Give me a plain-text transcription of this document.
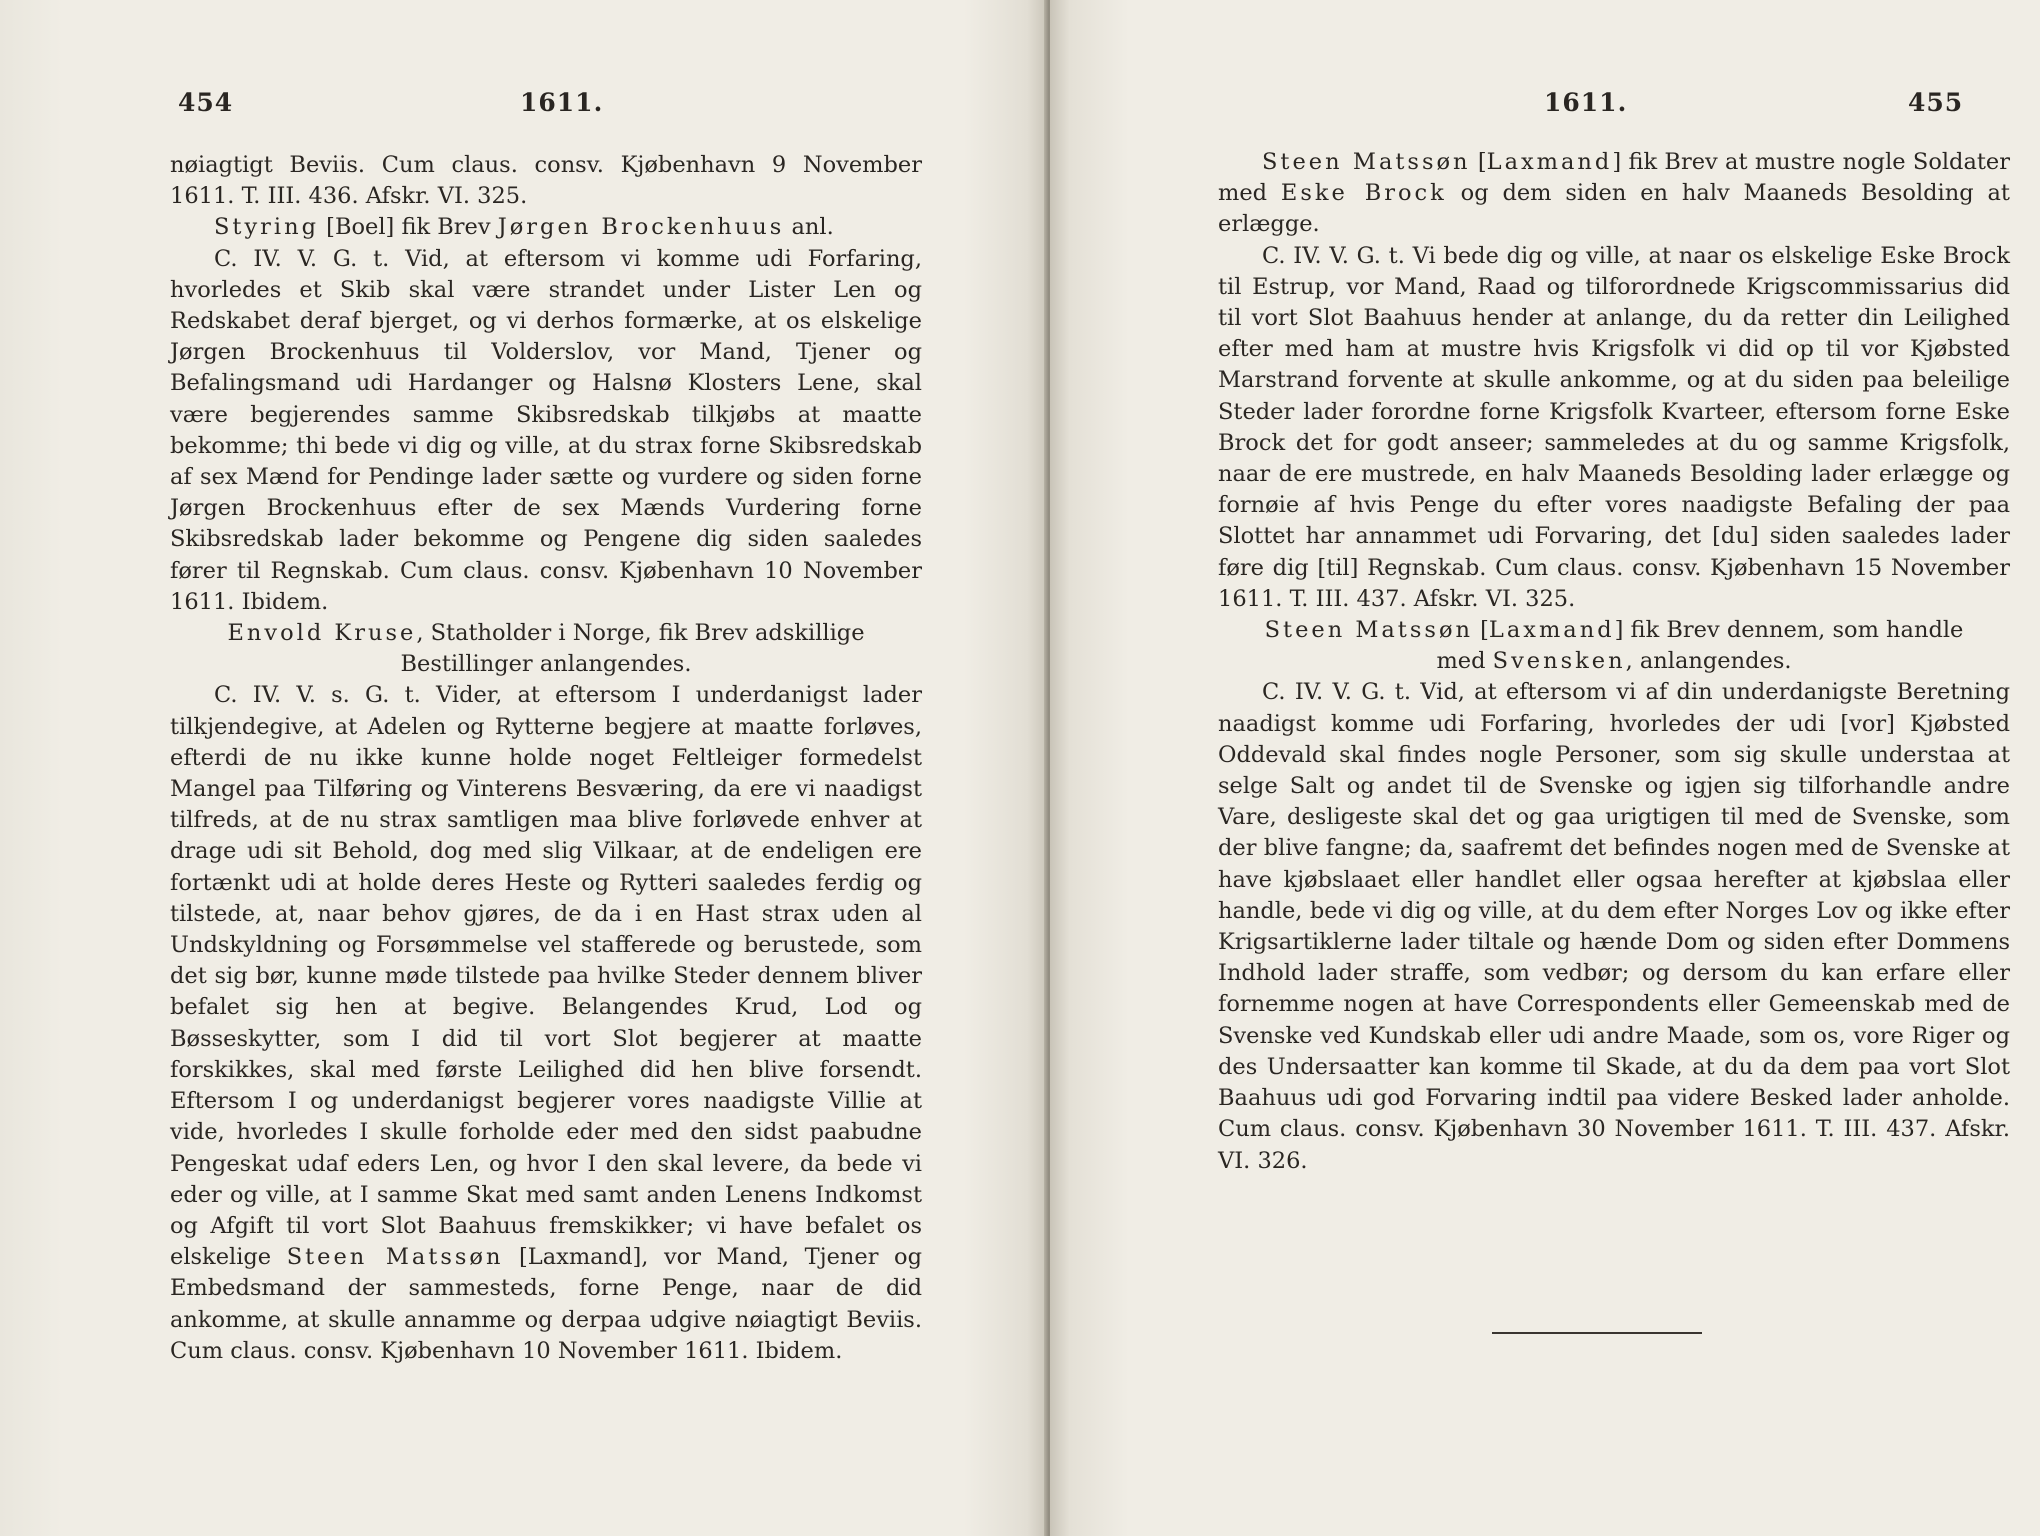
454	1611.

nøiagtigt Beviis. Cum claus. consv. Kjøbenhavn 9 November 1611. T. III. 436. Afskr. VI. 325.

Styring [Boel] fik Brev Jørgen Brockenhuus anl.

C. IV. V. G. t. Vid, at eftersom vi komme udi Forfaring, hvorledes et Skib skal være strandet under Lister Len og Redskabet deraf bjerget, og vi derhos formærke, at os elskelige Jørgen Brockenhuus til Volderslov, vor Mand, Tjener og Befalingsmand udi Hardanger og Halsnø Klosters Lene, skal være begjerendes samme Skibsredskab tilkjøbs at maatte bekomme; thi bede vi dig og ville, at du strax forne Skibsredskab af sex Mænd for Pendinge lader sætte og vurdere og siden forne Jørgen Brockenhuus efter de sex Mænds Vurdering forne Skibsredskab lader bekomme og Pengene dig siden saaledes fører til Regnskab. Cum claus. consv. Kjøbenhavn 10 November 1611. Ibidem.

Envold Kruse, Statholder i Norge, fik Brev adskillige Bestillinger anlangendes.

C. IV. V. s. G. t. Vider, at eftersom I underdanigst lader tilkjendegive, at Adelen og Rytterne begjere at maatte forløves, efterdi de nu ikke kunne holde noget Feltleiger formedelst Mangel paa Tilføring og Vinterens Besværing, da ere vi naadigst tilfreds, at de nu strax samtligen maa blive forløvede enhver at drage udi sit Behold, dog med slig Vilkaar, at de endeligen ere fortænkt udi at holde deres Heste og Rytteri saaledes ferdig og tilstede, at, naar behov gjøres, de da i en Hast strax uden al Undskyldning og Forsømmelse vel stafferede og berustede, som det sig bør, kunne møde tilstede paa hvilke Steder dennem bliver befalet sig hen at begive. Belangendes Krud, Lod og Bøsseskytter, som I did til vort Slot begjerer at maatte forskikkes, skal med første Leilighed did hen blive forsendt. Eftersom I og underdanigst begjerer vores naadigste Villie at vide, hvorledes I skulle forholde eder med den sidst paabudne Pengeskat udaf eders Len, og hvor I den skal levere, da bede vi eder og ville, at I samme Skat med samt anden Lenens Indkomst og Afgift til vort Slot Baahuus fremskikker; vi have befalet os elskelige Steen Matssøn [Laxmand], vor Mand, Tjener og Embedsmand der sammesteds, forne Penge, naar de did ankomme, at skulle annamme og derpaa udgive nøiagtigt Beviis. Cum claus. consv. Kjøbenhavn 10 November 1611. Ibidem.

1611.	455

Steen Matssøn [Laxmand] fik Brev at mustre nogle Soldater med Eske Brock og dem siden en halv Maaneds Besolding at erlægge.

C. IV. V. G. t. Vi bede dig og ville, at naar os elskelige Eske Brock til Estrup, vor Mand, Raad og tilforordnede Krigscommissarius did til vort Slot Baahuus hender at anlange, du da retter din Leilighed efter med ham at mustre hvis Krigsfolk vi did op til vor Kjøbsted Marstrand forvente at skulle ankomme, og at du siden paa beleilige Steder lader forordne forne Krigsfolk Kvarteer, eftersom forne Eske Brock det for godt anseer; sammeledes at du og samme Krigsfolk, naar de ere mustrede, en halv Maaneds Besolding lader erlægge og fornøie af hvis Penge du efter vores naadigste Befaling der paa Slottet har annammet udi Forvaring, det [du] siden saaledes lader føre dig [til] Regnskab. Cum claus. consv. Kjøbenhavn 15 November 1611. T. III. 437. Afskr. VI. 325.

Steen Matssøn [Laxmand] fik Brev dennem, som handle med Svensken, anlangendes.

C. IV. V. G. t. Vid, at eftersom vi af din underdanigste Beretning naadigst komme udi Forfaring, hvorledes der udi [vor] Kjøbsted Oddevald skal findes nogle Personer, som sig skulle understaa at selge Salt og andet til de Svenske og igjen sig tilforhandle andre Vare, desligeste skal det og gaa urigtigen til med de Svenske, som der blive fangne; da, saafremt det befindes nogen med de Svenske at have kjøbslaaet eller handlet eller ogsaa herefter at kjøbslaa eller handle, bede vi dig og ville, at du dem efter Norges Lov og ikke efter Krigsartiklerne lader tiltale og hænde Dom og siden efter Dommens Indhold lader straffe, som vedbør; og dersom du kan erfare eller fornemme nogen at have Correspondents eller Gemeenskab med de Svenske ved Kundskab eller udi andre Maade, som os, vore Riger og des Undersaatter kan komme til Skade, at du da dem paa vort Slot Baahuus udi god Forvaring indtil paa videre Besked lader anholde. Cum claus. consv. Kjøbenhavn 30 November 1611. T. III. 437. Afskr. VI. 326.
